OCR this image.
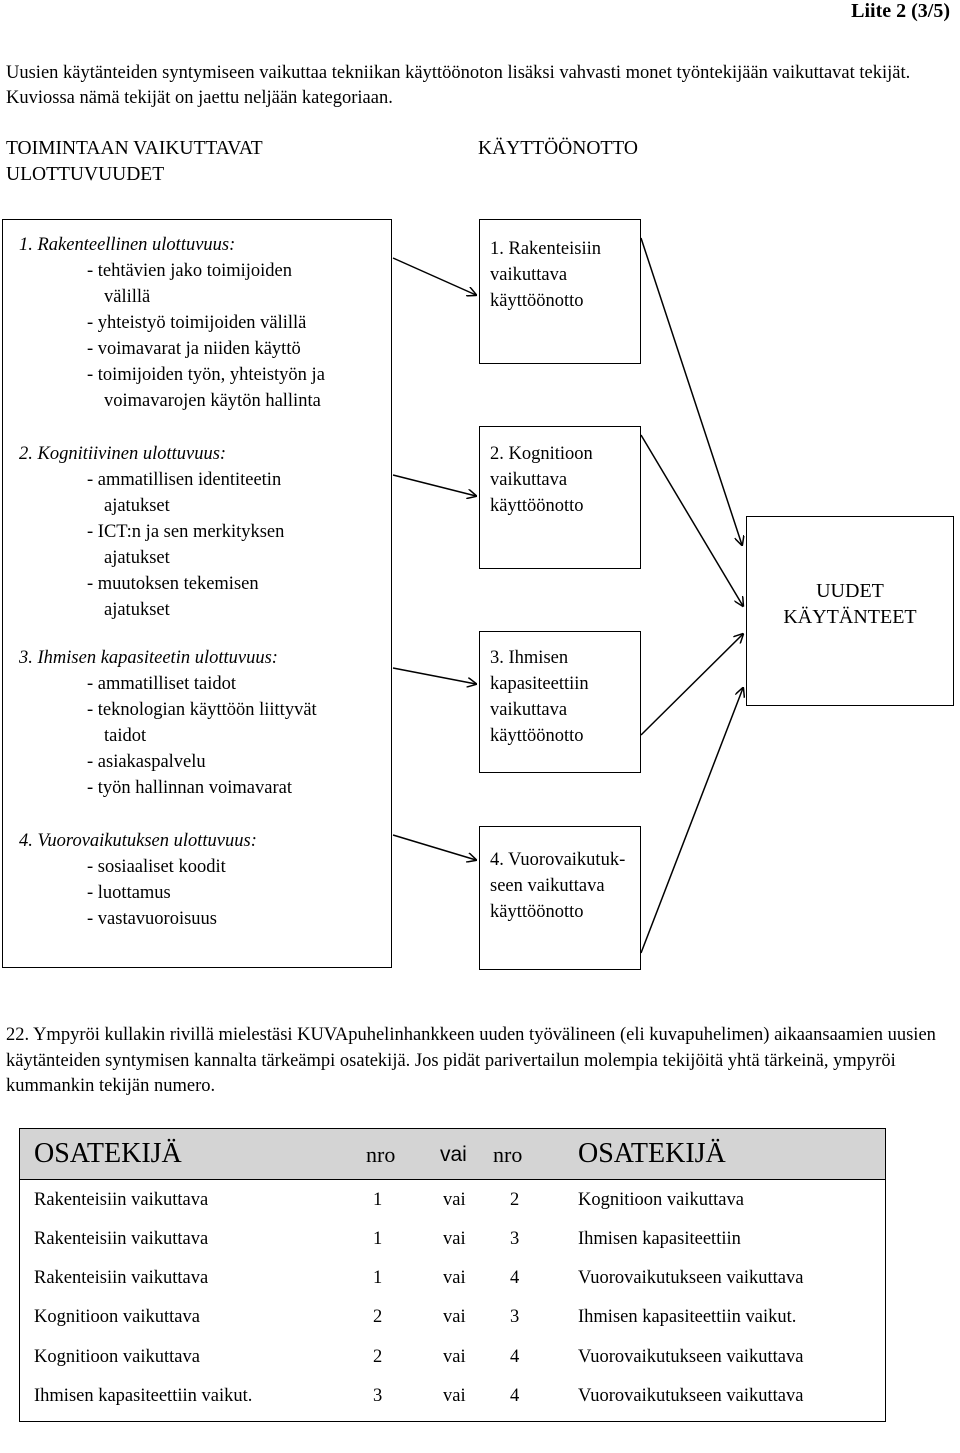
Liite 2 (3/5)
Uusien käytänteiden syntymiseen vaikuttaa tekniikan käyttöönoton lisäksi vahvasti monet työntekijään vaikuttavat tekijät. Kuviossa nämä tekijät on jaettu neljään kategoriaan.
TOIMINTAAN VAIKUTTAVAT
ULOTTUVUUDET
KÄYTTÖÖNOTTO
1. Rakenteellinen ulottuvuus:
- tehtävien jako toimijoiden
välillä
- yhteistyö toimijoiden välillä
- voimavarat ja niiden käyttö
- toimijoiden työn, yhteistyön ja
voimavarojen käytön hallinta
2. Kognitiivinen ulottuvuus:
- ammatillisen identiteetin
ajatukset
- ICT:n ja sen merkityksen
ajatukset
- muutoksen tekemisen
ajatukset
3. Ihmisen kapasiteetin ulottuvuus:
- ammatilliset taidot
- teknologian käyttöön liittyvät
taidot
- asiakaspalvelu
- työn hallinnan voimavarat
4. Vuorovaikutuksen ulottuvuus:
- sosiaaliset koodit
- luottamus
- vastavuoroisuus
1. Rakenteisiin
vaikuttava
käyttöönotto
2. Kognitioon
vaikuttava
käyttöönotto
3. Ihmisen
kapasiteettiin
vaikuttava
käyttöönotto
4. Vuorovaikutuk-
seen vaikuttava
käyttöönotto
UUDET
KÄYTÄNTEET
22. Ympyröi kullakin rivillä mielestäsi KUVApuhelinhankkeen uuden työvälineen (eli kuvapuhelimen) aikaansaamien uusien käytänteiden syntymisen kannalta tärkeämpi osatekijä. Jos pidät parivertailun molempia tekijöitä yhtä tärkeinä, ympyröi kummankin tekijän numero.
OSATEKIJÄ	nro vai nro OSATEKIJÄ
Rakenteisiin vaikuttava	1	vai 2	Kognitioon vaikuttava
Rakenteisiin vaikuttava	1	vai 3	Ihmisen kapasiteettiin
Rakenteisiin vaikuttava	1	vai 4	Vuorovaikutukseen vaikuttava
Kognitioon vaikuttava	2	vai 3	Ihmisen kapasiteettiin vaikut.
Kognitioon vaikuttava	2	vai 4	Vuorovaikutukseen vaikuttava
Ihmisen kapasiteettiin vaikut.	3	vai 4	Vuorovaikutukseen vaikuttava
